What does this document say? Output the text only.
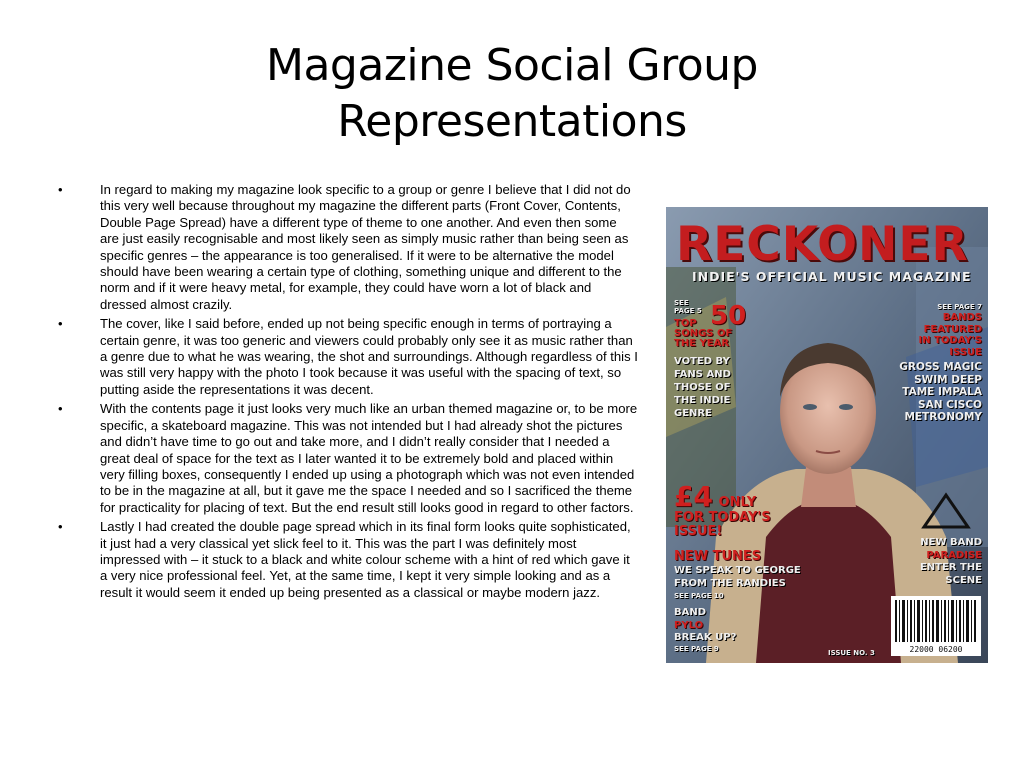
Magazine Social Group
Representations
•	In regard to making my magazine look specific to a group or genre I believe that I did not do this very well because throughout my magazine the different parts (Front Cover, Contents, Double Page Spread) have a different type of theme to one another. And even then some are just easily recognisable and most likely seen as simply music rather than being seen as specific genres – the appearance is too generalised. If it were to be alternative the model should have been wearing a certain type of clothing, something unique and different to the norm and if it were heavy metal, for example, they could have worn a lot of black and dressed almost crazily.
•	The cover, like I said before, ended up not being specific enough in terms of portraying a certain genre, it was too generic and viewers could probably only see it as music rather than a genre due to what he was wearing, the shot and surroundings. Although regardless of this I was still very happy with the photo I took because it was useful with the spacing of text, so putting aside the representations it was decent.
•	With the contents page it just looks very much like an urban themed magazine or, to be more specific, a skateboard magazine. This was not intended but I had already shot the pictures and didn’t have time to go out and take more, and I didn’t really consider that I needed a great deal of space for the text as I later wanted it to be extremely bold and placed within very filling boxes, consequently I ended up using a photograph which was not even intended to be in the magazine at all, but it gave me the space I needed and so I sacrificed the theme for practicality for placing of text. But the end result still looks good in regard to other factors.
•	Lastly I had created the double page spread which in its final form looks quite sophisticated, it just had a very classical yet slick feel to it. This was the part I was definitely most impressed with – it stuck to a black and white colour scheme with a hint of red which gave it a very nice professional feel. Yet, at the same time, I kept it very simple looking and as a result it would seem it ended up being presented as a classical or maybe modern jazz.
RECKONER
INDIE'S OFFICIAL MUSIC MAGAZINE
SEE
PAGE 5 50
TOP
SONGS OF
THE YEAR
VOTED BY
FANS AND
THOSE OF
THE INDIE
GENRE
SEE PAGE 7
BANDS
FEATURED
IN TODAY'S
ISSUE
GROSS MAGIC
SWIM DEEP
TAME IMPALA
SAN CISCO
METRONOMY
£4 ONLY
FOR TODAY'S
ISSUE!
NEW BAND
PARADISE
ENTER THE
SCENE
NEW TUNES
WE SPEAK TO GEORGE
FROM THE RANDIES
SEE PAGE 10
BAND
PYLO
BREAK UP?
SEE PAGE 9
ISSUE NO. 3	22000 06200
